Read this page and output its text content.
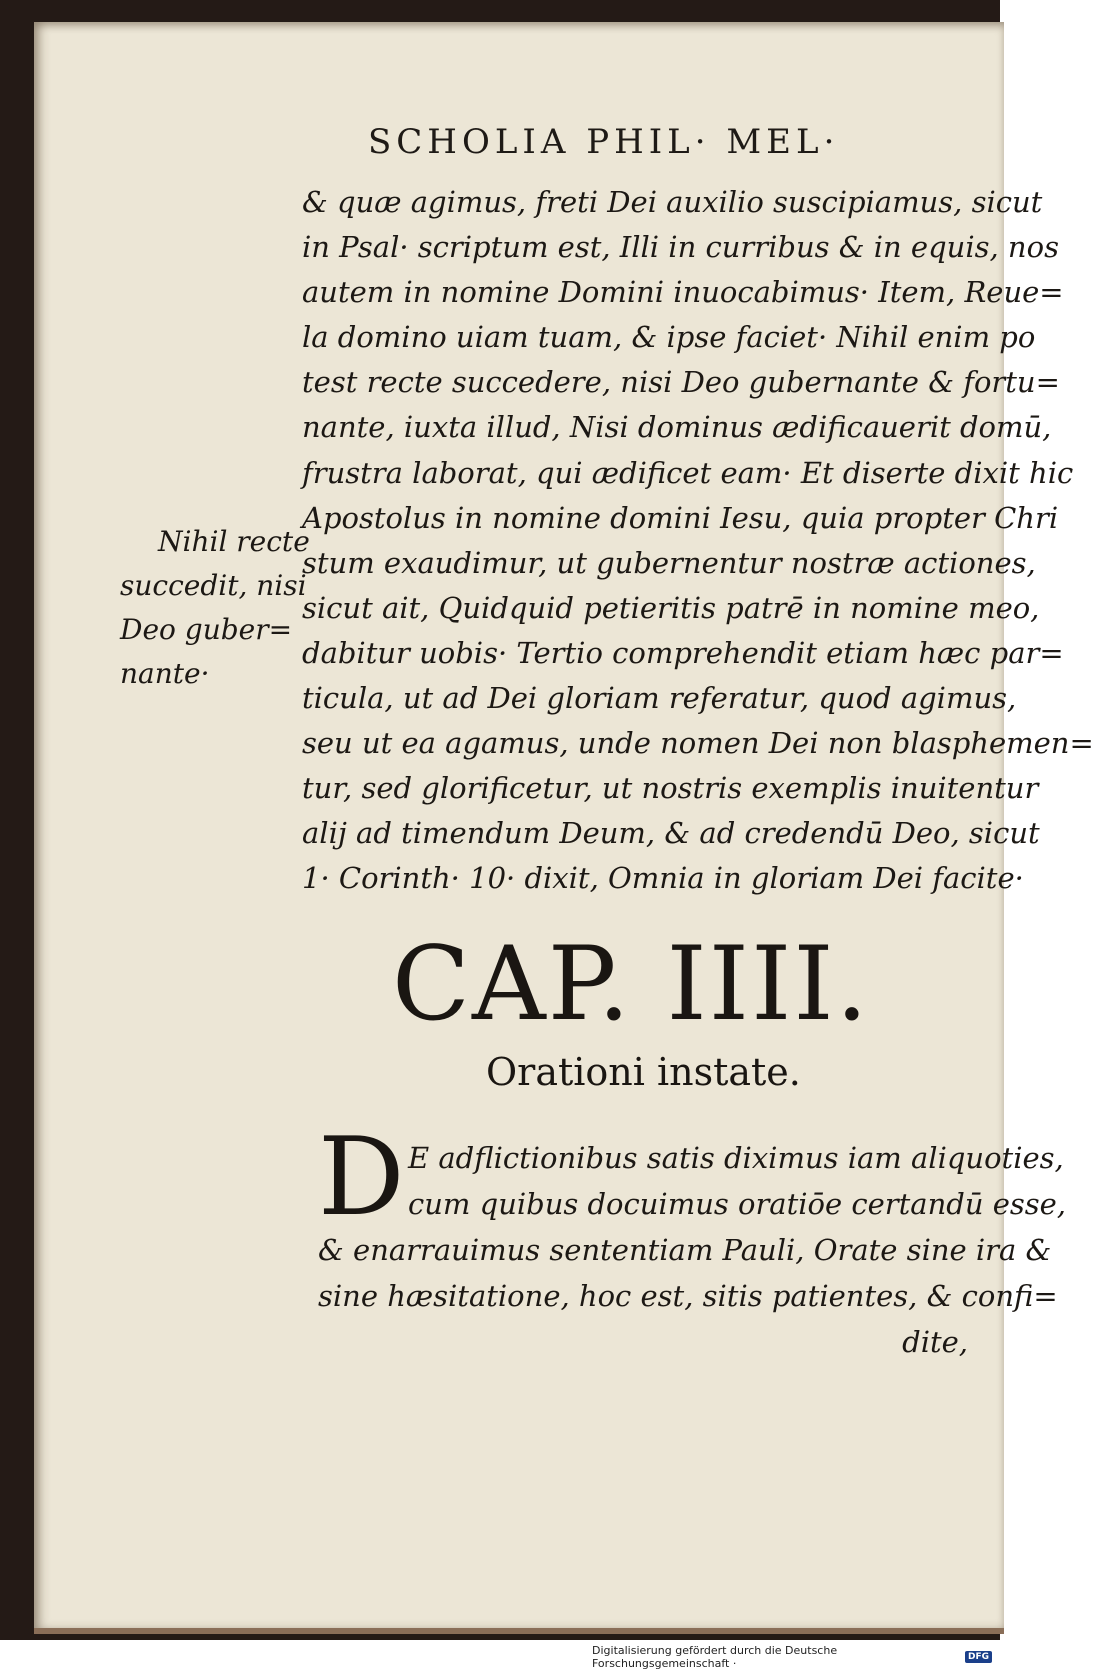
SCHOLIA PHIL· MEL·
& quæ agimus, freti Dei auxilio suscipiamus, sicut
in Psal· scriptum est, Illi in curribus & in equis, nos
autem in nomine Domini inuocabimus· Item, Reue=
la domino uiam tuam, & ipse faciet· Nihil enim po
test recte succedere, nisi Deo gubernante & fortu=
nante, iuxta illud, Nisi dominus ædificauerit domū,
frustra laborat, qui ædificet eam· Et diserte dixit hic
Apostolus in nomine domini Iesu, quia propter Chri
stum exaudimur, ut gubernentur nostræ actiones,
sicut ait, Quidquid petieritis patrē in nomine meo,
dabitur uobis· Tertio comprehendit etiam hæc par=
ticula, ut ad Dei gloriam referatur, quod agimus,
seu ut ea agamus, unde nomen Dei non blasphemen=
tur, sed glorificetur, ut nostris exemplis inuitentur
alij ad timendum Deum, & ad credendū Deo, sicut
1· Corinth· 10· dixit, Omnia in gloriam Dei facite·
Nihil recte
succedit, nisi
Deo guber=
nante·
CAP. IIII.
Orationi instate.
D E adflictionibus satis diximus iam aliquoties,
cum quibus docuimus oratiōe certandū esse,
& enarrauimus sententiam Pauli, Orate sine ira &
sine hæsitatione, hoc est, sitis patientes, & confi=
dite,
Digitalisierung gefördert durch die Deutsche Forschungsgemeinschaft ·	DFG
